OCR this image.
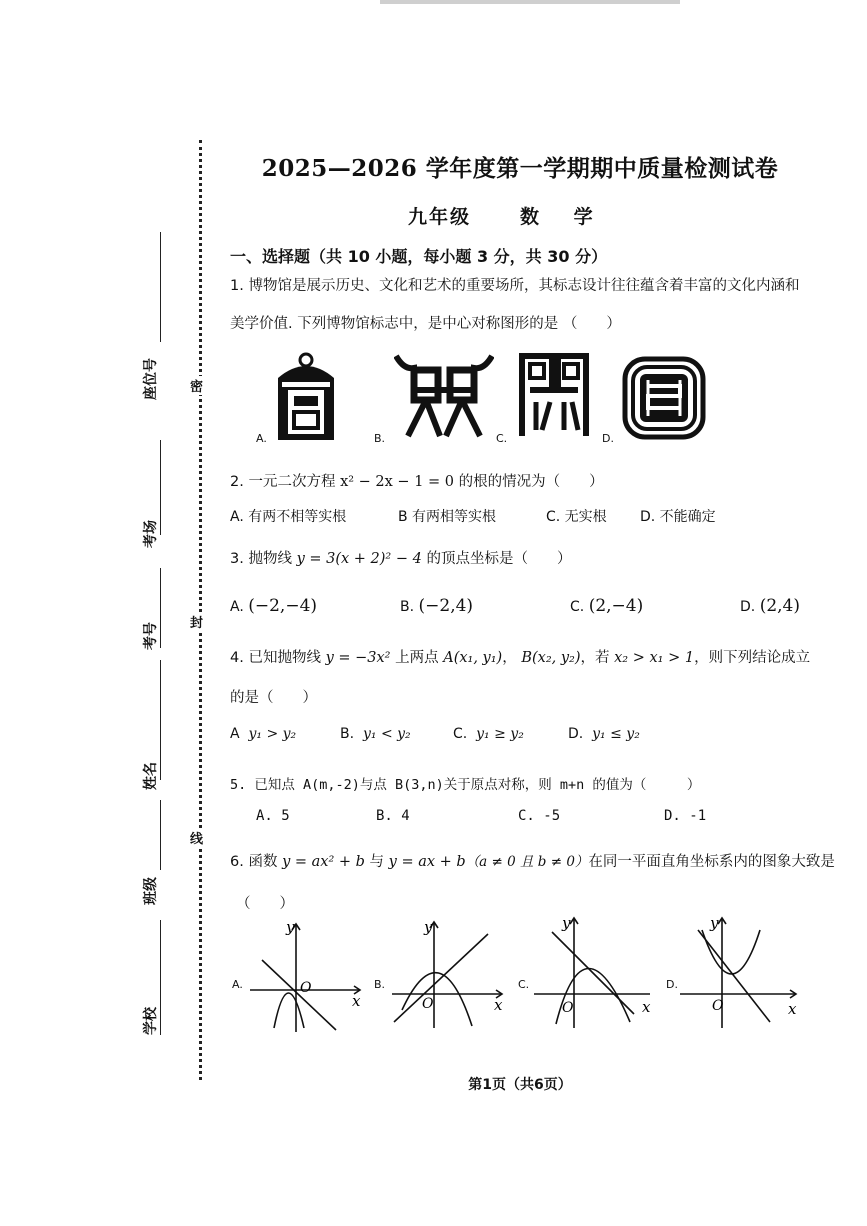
座位号
考场
考号
姓名
班级
学校
密
封
线
2025—2026 学年度第一学期期中质量检测试卷
九年级	数 学
一、选择题（共 10 小题，每小题 3 分，共 30 分）
1. 博物馆是展示历史、文化和艺术的重要场所，其标志设计往往蕴含着丰富的文化内涵和
美学价值. 下列博物馆标志中，是中心对称图形的是 （　　）
A.	B.	C.	D.
2. 一元二次方程 x² − 2x − 1 = 0 的根的情况为（　　）
A. 有两不相等实根	B 有两相等实根	C. 无实根 D. 不能确定
3. 抛物线 y = 3(x + 2)² − 4 的顶点坐标是（　　）
A. (−2,−4)	B. (−2,4)	C. (2,−4)	D. (2,4)
4. 已知抛物线 y = −3x² 上两点 A(x₁, y₁)， B(x₂, y₂)，若 x₂ > x₁ > 1，则下列结论成立
的是（　　）
A y₁ > y₂	B. y₁ < y₂	C. y₁ ≥ y₂	D. y₁ ≤ y₂
5. 已知点 A(m,-2)与点 B(3,n)关于原点对称，则 m+n 的值为（　　　）
A. 5	B. 4	C. -5	D. -1
6. 函数 y = ax² + b 与 y = ax + b（a ≠ 0 且 b ≠ 0）在同一平面直角坐标系内的图象大致是
（　　）
A.
y
x
O	B.
y
x
O
C.
y
x
O
D.
y
x
O
第1页（共6页）
